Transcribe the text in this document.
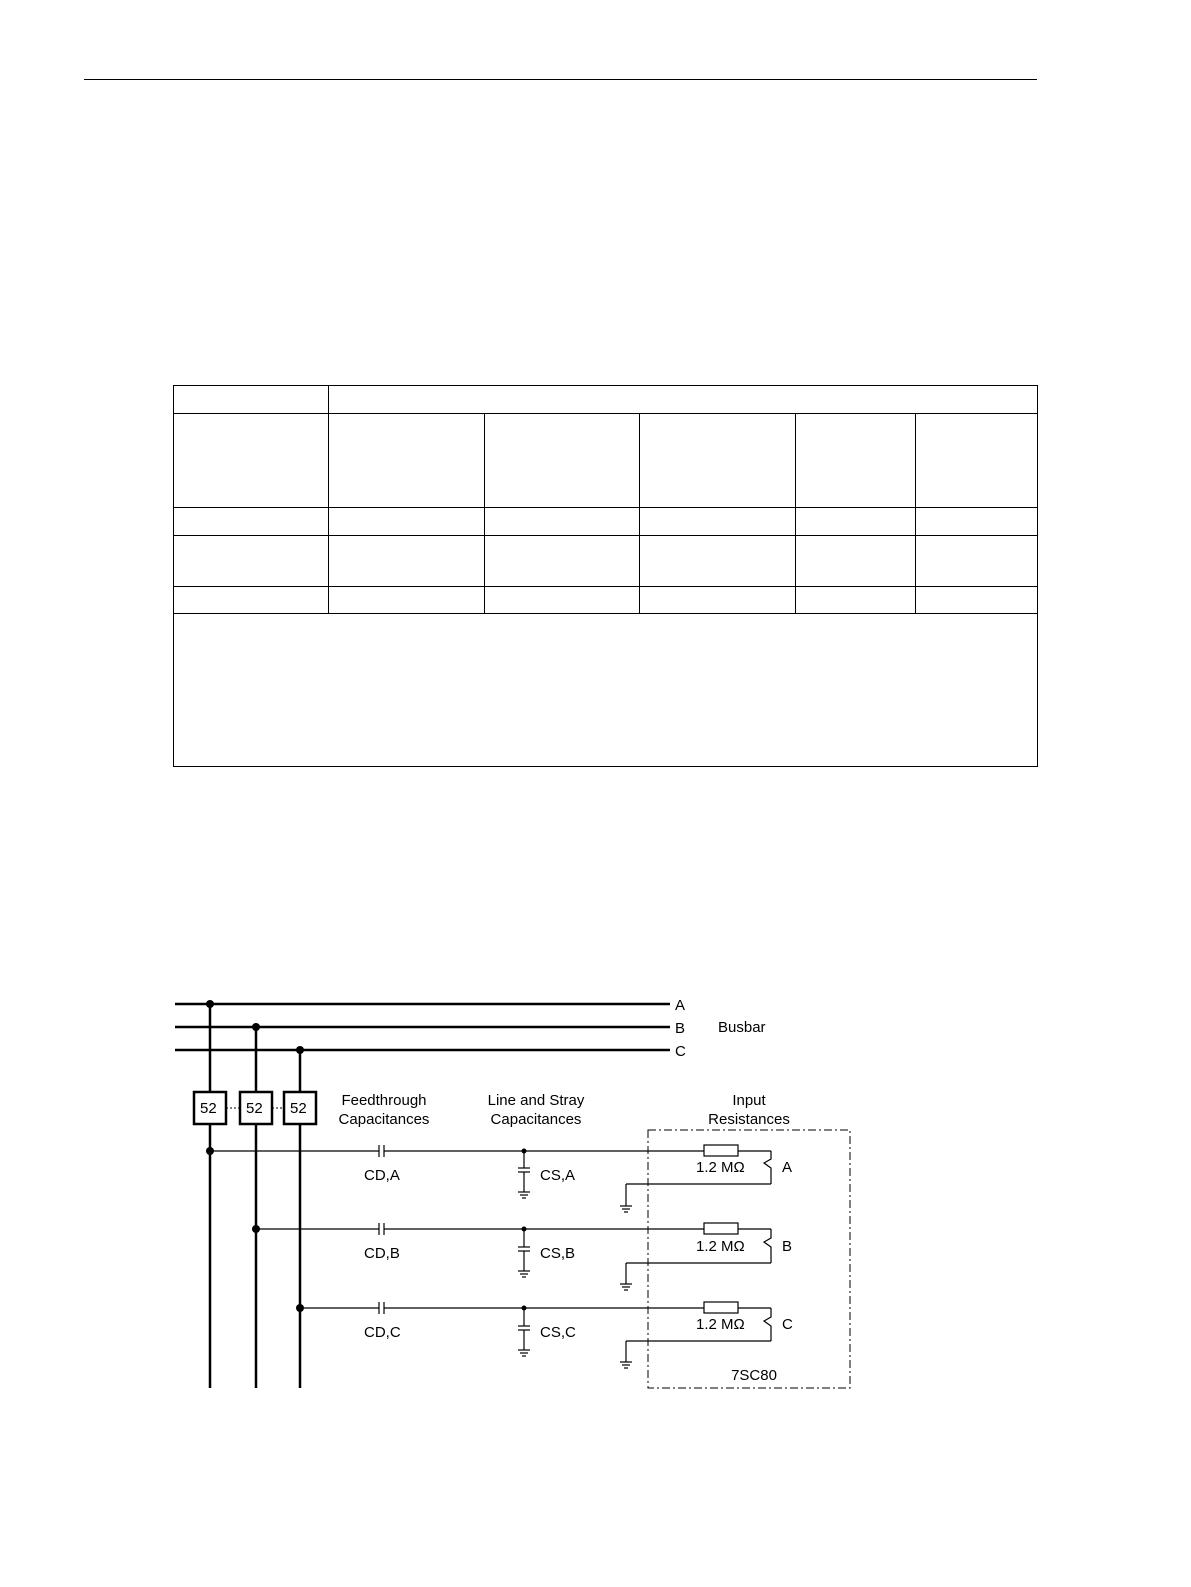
A
B
C
Busbar
52 52 52 Feedthrough
Capacitances
Line and Stray
Capacitances
Input
Resistances
7SC80
CD,A	CS,A	1.2 MΩ A
CD,B	CS,B	1.2 MΩ B
CD,C	CS,C	1.2 MΩ C
